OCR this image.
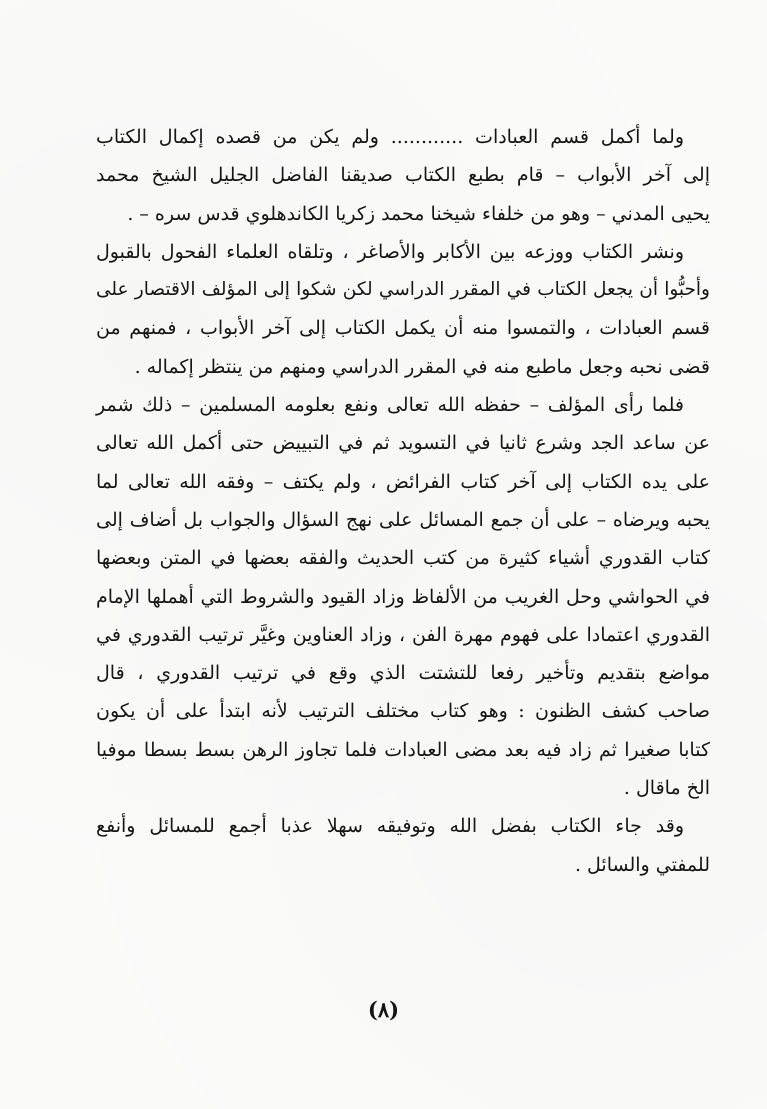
ولما أكمل قسم العبادات ............ ولم يكن من قصده إكمال الكتاب
إلى آخر الأبواب – قام بطبع الكتاب صديقنا الفاضل الجليل الشيخ محمد
يحيى المدني – وهو من خلفاء شيخنا محمد زكريا الكاندهلوي قدس سره – .
ونشر الكتاب ووزعه بين الأكابر والأصاغر ، وتلقاه العلماء الفحول بالقبول
وأحبُّوا أن يجعل الكتاب في المقرر الدراسي لكن شكوا إلى المؤلف الاقتصار على
قسم العبادات ، والتمسوا منه أن يكمل الكتاب إلى آخر الأبواب ، فمنهم من
قضى نحبه وجعل ماطبع منه في المقرر الدراسي ومنهم من ينتظر إكماله .
فلما رأى المؤلف – حفظه الله تعالى ونفع بعلومه المسلمين – ذلك شمر
عن ساعد الجد وشرع ثانيا في التسويد ثم في التبييض حتى أكمل الله تعالى
على يده الكتاب إلى آخر كتاب الفرائض ، ولم يكتف – وفقه الله تعالى لما
يحبه ويرضاه – على أن جمع المسائل على نهج السؤال والجواب بل أضاف إلى
كتاب القدوري أشياء كثيرة من كتب الحديث والفقه بعضها في المتن وبعضها
في الحواشي وحل الغريب من الألفاظ وزاد القيود والشروط التي أهملها الإمام
القدوري اعتمادا على فهوم مهرة الفن ، وزاد العناوين وغيَّر ترتيب القدوري في
مواضع بتقديم وتأخير رفعا للتشتت الذي وقع في ترتيب القدوري ، قال
صاحب كشف الظنون : وهو كتاب مختلف الترتيب لأنه ابتدأ على أن يكون
كتابا صغيرا ثم زاد فيه بعد مضى العبادات فلما تجاوز الرهن بسط بسطا موفيا
الخ ماقال .
وقد جاء الكتاب بفضل الله وتوفيقه سهلا عذبا أجمع للمسائل وأنفع
للمفتي والسائل .
(٨)
